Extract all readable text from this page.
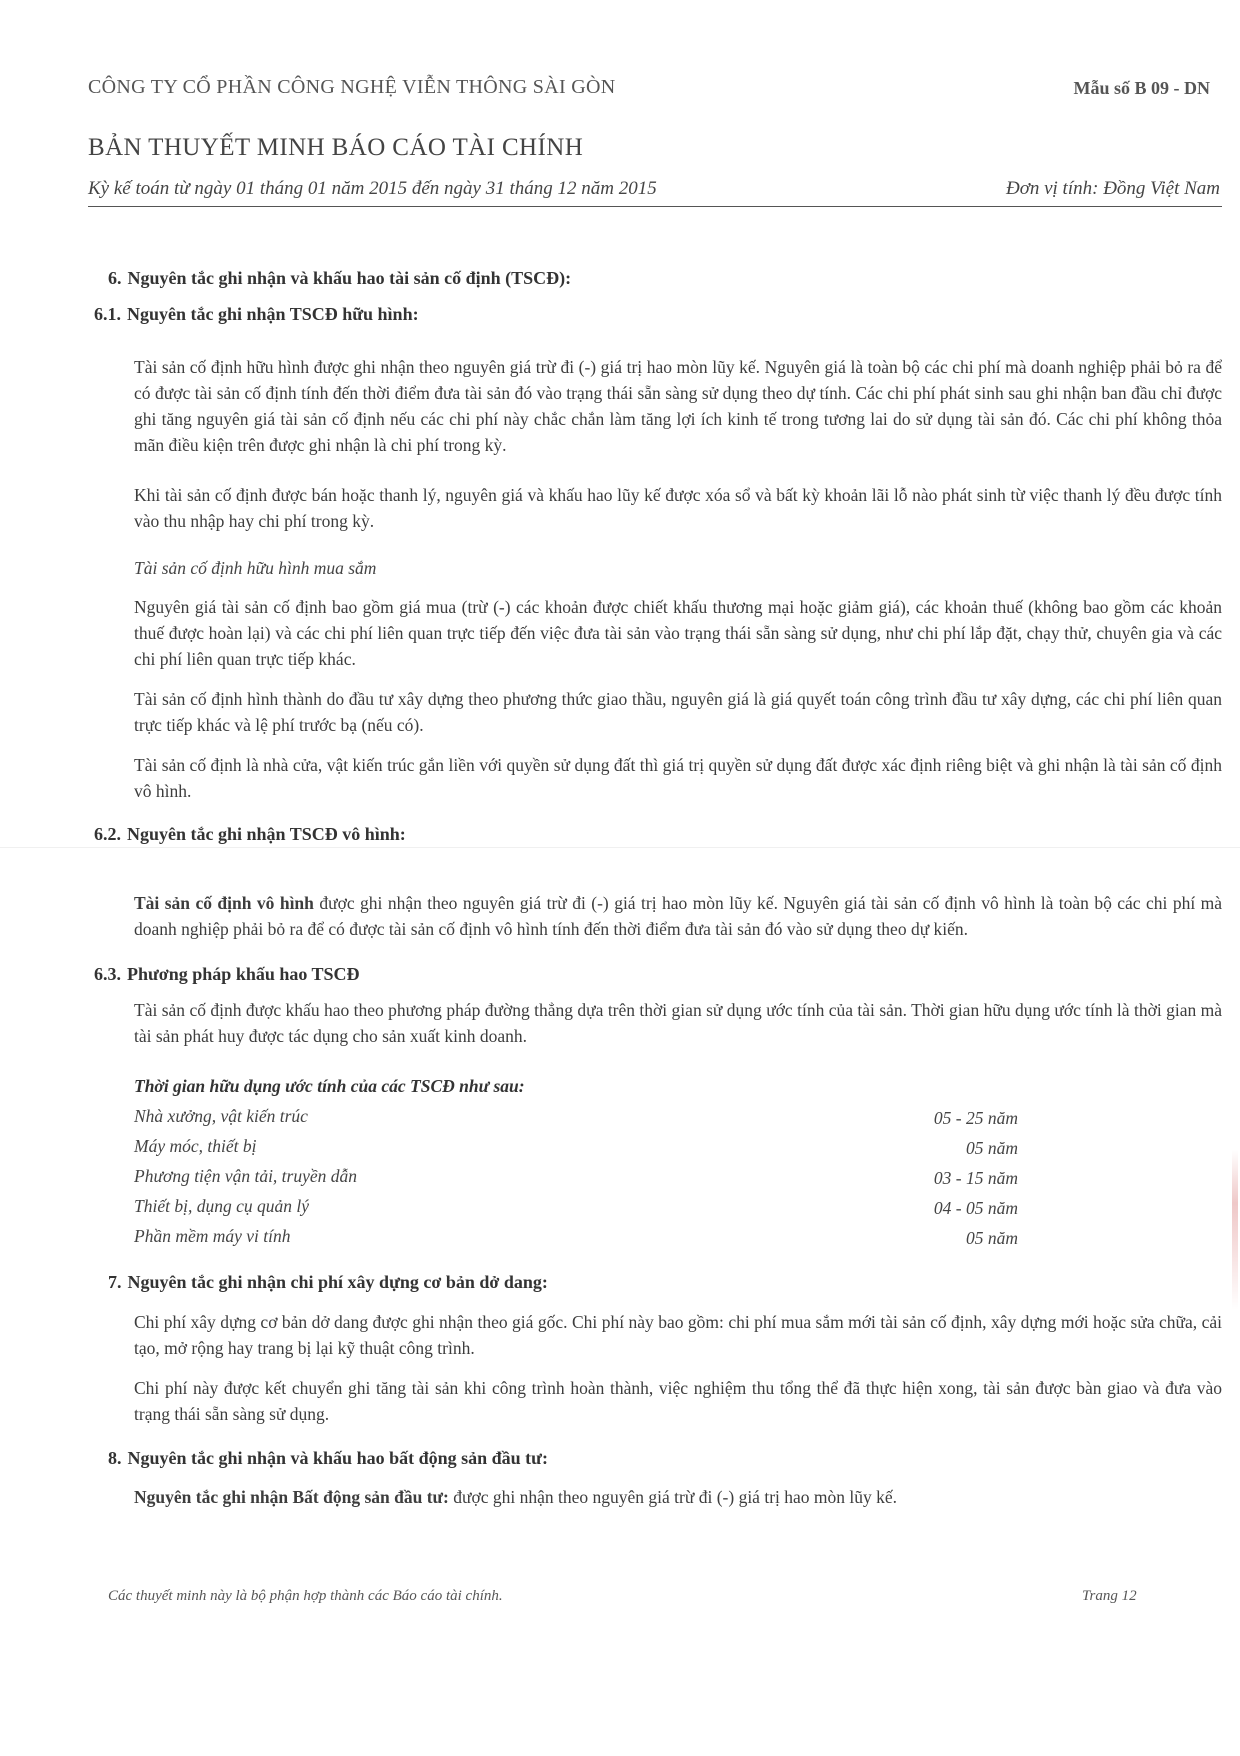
CÔNG TY CỔ PHẦN CÔNG NGHỆ VIỄN THÔNG SÀI GÒN	Mẫu số B 09 - DN
BẢN THUYẾT MINH BÁO CÁO TÀI CHÍNH
Kỳ kế toán từ ngày 01 tháng 01 năm 2015 đến ngày 31 tháng 12 năm 2015	Đơn vị tính: Đồng Việt Nam
6. Nguyên tắc ghi nhận và khấu hao tài sản cố định (TSCĐ):
6.1. Nguyên tắc ghi nhận TSCĐ hữu hình:
Tài sản cố định hữu hình được ghi nhận theo nguyên giá trừ đi (-) giá trị hao mòn lũy kế. Nguyên giá là toàn bộ các chi phí mà doanh nghiệp phải bỏ ra để có được tài sản cố định tính đến thời điểm đưa tài sản đó vào trạng thái sẵn sàng sử dụng theo dự tính. Các chi phí phát sinh sau ghi nhận ban đầu chỉ được ghi tăng nguyên giá tài sản cố định nếu các chi phí này chắc chắn làm tăng lợi ích kinh tế trong tương lai do sử dụng tài sản đó. Các chi phí không thỏa mãn điều kiện trên được ghi nhận là chi phí trong kỳ.
Khi tài sản cố định được bán hoặc thanh lý, nguyên giá và khấu hao lũy kế được xóa sổ và bất kỳ khoản lãi lỗ nào phát sinh từ việc thanh lý đều được tính vào thu nhập hay chi phí trong kỳ.
Tài sản cố định hữu hình mua sắm
Nguyên giá tài sản cố định bao gồm giá mua (trừ (-) các khoản được chiết khấu thương mại hoặc giảm giá), các khoản thuế (không bao gồm các khoản thuế được hoàn lại) và các chi phí liên quan trực tiếp đến việc đưa tài sản vào trạng thái sẵn sàng sử dụng, như chi phí lắp đặt, chạy thử, chuyên gia và các chi phí liên quan trực tiếp khác.
Tài sản cố định hình thành do đầu tư xây dựng theo phương thức giao thầu, nguyên giá là giá quyết toán công trình đầu tư xây dựng, các chi phí liên quan trực tiếp khác và lệ phí trước bạ (nếu có).
Tài sản cố định là nhà cửa, vật kiến trúc gắn liền với quyền sử dụng đất thì giá trị quyền sử dụng đất được xác định riêng biệt và ghi nhận là tài sản cố định vô hình.
6.2. Nguyên tắc ghi nhận TSCĐ vô hình:
Tài sản cố định vô hình được ghi nhận theo nguyên giá trừ đi (-) giá trị hao mòn lũy kế. Nguyên giá tài sản cố định vô hình là toàn bộ các chi phí mà doanh nghiệp phải bỏ ra để có được tài sản cố định vô hình tính đến thời điểm đưa tài sản đó vào sử dụng theo dự kiến.
6.3. Phương pháp khấu hao TSCĐ
Tài sản cố định được khấu hao theo phương pháp đường thẳng dựa trên thời gian sử dụng ước tính của tài sản. Thời gian hữu dụng ước tính là thời gian mà tài sản phát huy được tác dụng cho sản xuất kinh doanh.
Thời gian hữu dụng ước tính của các TSCĐ như sau:
Nhà xưởng, vật kiến trúc	05 - 25 năm
Máy móc, thiết bị	05 năm
Phương tiện vận tải, truyền dẫn	03 - 15 năm
Thiết bị, dụng cụ quản lý	04 - 05 năm
Phần mềm máy vi tính	05 năm
7. Nguyên tắc ghi nhận chi phí xây dựng cơ bản dở dang:
Chi phí xây dựng cơ bản dở dang được ghi nhận theo giá gốc. Chi phí này bao gồm: chi phí mua sắm mới tài sản cố định, xây dựng mới hoặc sửa chữa, cải tạo, mở rộng hay trang bị lại kỹ thuật công trình.
Chi phí này được kết chuyển ghi tăng tài sản khi công trình hoàn thành, việc nghiệm thu tổng thể đã thực hiện xong, tài sản được bàn giao và đưa vào trạng thái sẵn sàng sử dụng.
8. Nguyên tắc ghi nhận và khấu hao bất động sản đầu tư:
Nguyên tắc ghi nhận Bất động sản đầu tư: được ghi nhận theo nguyên giá trừ đi (-) giá trị hao mòn lũy kế.
Các thuyết minh này là bộ phận hợp thành các Báo cáo tài chính.	Trang 12
